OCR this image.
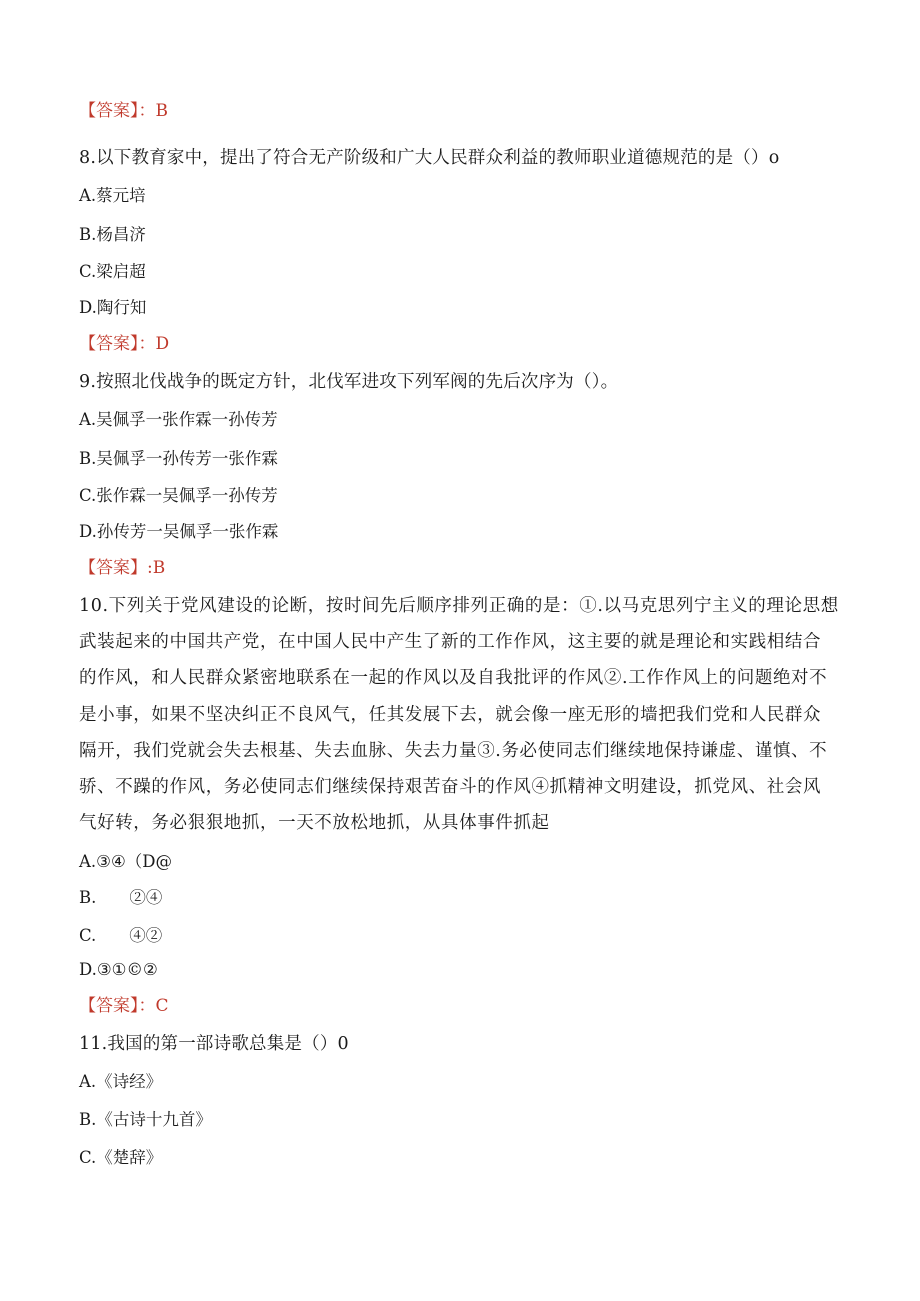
【答案】：B
8.以下教育家中，提出了符合无产阶级和广大人民群众利益的教师职业道德规范的是（）o
A.蔡元培
B.杨昌济
C.梁启超
D.陶行知
【答案】：D
9.按照北伐战争的既定方针，北伐军进攻下列军阀的先后次序为（）。
A.吴佩孚一张作霖一孙传芳
B.吴佩孚一孙传芳一张作霖
C.张作霖一吴佩孚一孙传芳
D.孙传芳一吴佩孚一张作霖
【答案】:B
10.下列关于党风建设的论断，按时间先后顺序排列正确的是：①.以马克思列宁主义的理论思想武装起来的中国共产党，在中国人民中产生了新的工作作风，这主要的就是理论和实践相结合的作风，和人民群众紧密地联系在一起的作风以及自我批评的作风②.工作作风上的问题绝对不是小事，如果不坚决纠正不良风气，任其发展下去，就会像一座无形的墙把我们党和人民群众隔开，我们党就会失去根基、失去血脉、失去力量③.务必使同志们继续地保持谦虚、谨慎、不骄、不躁的作风，务必使同志们继续保持艰苦奋斗的作风④抓精神文明建设，抓党风、社会风气好转，务必狠狠地抓，一天不放松地抓，从具体事件抓起
A.③④（D@
B.　　②④
C.　　④②
D.③①©②
【答案】：C
11.我国的第一部诗歌总集是（）0
A.《诗经》
B.《古诗十九首》
C.《楚辞》
